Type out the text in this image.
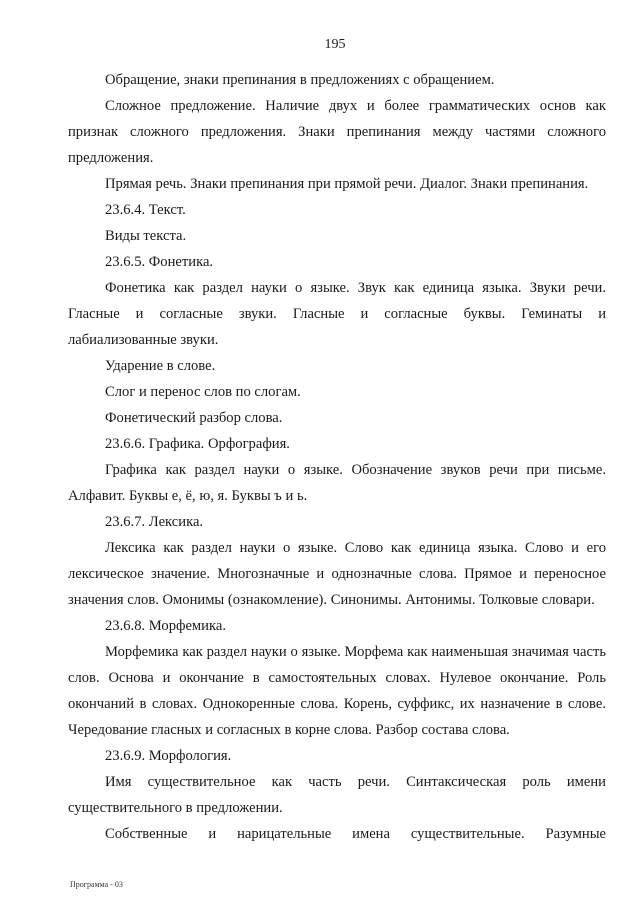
195

Обращение, знаки препинания в предложениях с обращением.

Сложное предложение. Наличие двух и более грамматических основ как признак сложного предложения. Знаки препинания между частями сложного предложения.

Прямая речь. Знаки препинания при прямой речи. Диалог. Знаки препинания.

23.6.4. Текст.

Виды текста.

23.6.5. Фонетика.

Фонетика как раздел науки о языке. Звук как единица языка. Звуки речи. Гласные и согласные звуки. Гласные и согласные буквы. Геминаты и лабиализованные звуки.

Ударение в слове.

Слог и перенос слов по слогам.

Фонетический разбор слова.

23.6.6. Графика. Орфография.

Графика как раздел науки о языке. Обозначение звуков речи при письме. Алфавит. Буквы е, ё, ю, я. Буквы ъ и ь.

23.6.7. Лексика.

Лексика как раздел науки о языке. Слово как единица языка. Слово и его лексическое значение. Многозначные и однозначные слова. Прямое и переносное значения слов. Омонимы (ознакомление). Синонимы. Антонимы. Толковые словари.

23.6.8. Морфемика.

Морфемика как раздел науки о языке. Морфема как наименьшая значимая часть слов. Основа и окончание в самостоятельных словах. Нулевое окончание. Роль окончаний в словах. Однокоренные слова. Корень, суффикс, их назначение в слове. Чередование гласных и согласных в корне слова. Разбор состава слова.

23.6.9. Морфология.

Имя существительное как часть речи. Синтаксическая роль имени существительного в предложении.

Собственные и нарицательные имена существительные. Разумные

Программа - 03
